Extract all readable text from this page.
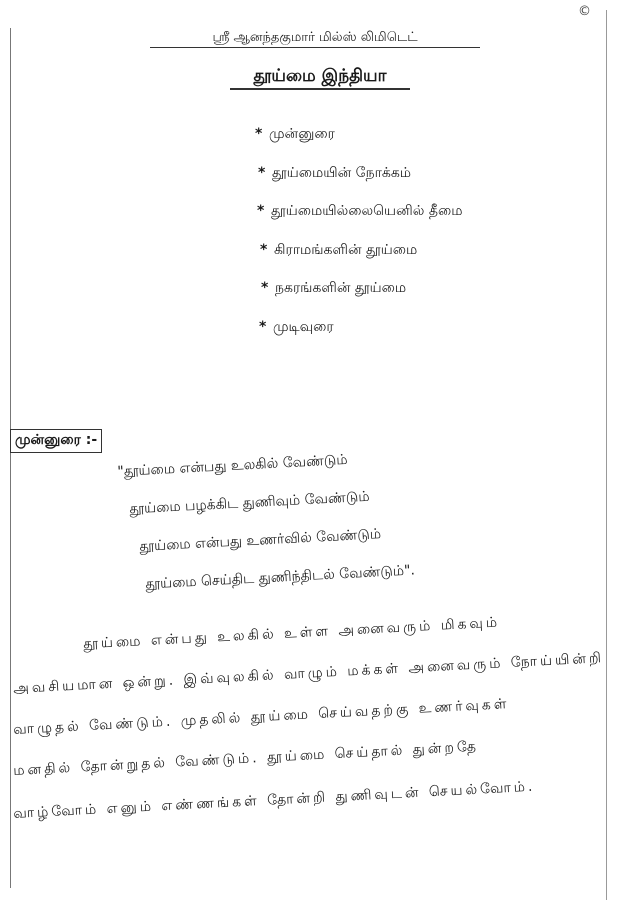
©
ஸ்ரீ ஆனந்தகுமார் மில்ஸ் லிமிடெட்
தூய்மை இந்தியா
* முன்னுரை
* தூய்மையின் நோக்கம்
* தூய்மையில்லையெனில் தீமை
* கிராமங்களின் தூய்மை
* நகரங்களின் தூய்மை
* முடிவுரை
முன்னுரை :-
"தூய்மை என்பது உலகில் வேண்டும்
தூய்மை பழக்கிட துணிவும் வேண்டும்
தூய்மை என்பது உணர்வில் வேண்டும்
தூய்மை செய்திட துணிந்திடல் வேண்டும்".
தூய்மை என்பது உலகில் உள்ள அனைவரும் மிகவும்
அவசியமான ஒன்று. இவ்வுலகில் வாழும் மக்கள் அனைவரும் நோய்யின்றி
வாழுதல் வேண்டும். முதலில் தூய்மை செய்வதற்கு உணர்வுகள்
மனதில் தோன்றுதல் வேண்டும். தூய்மை செய்தால் துன்றதே
வாழ்வோம் எனும் எண்ணங்கள் தோன்றி துணிவுடன் செயல்வோம்.
